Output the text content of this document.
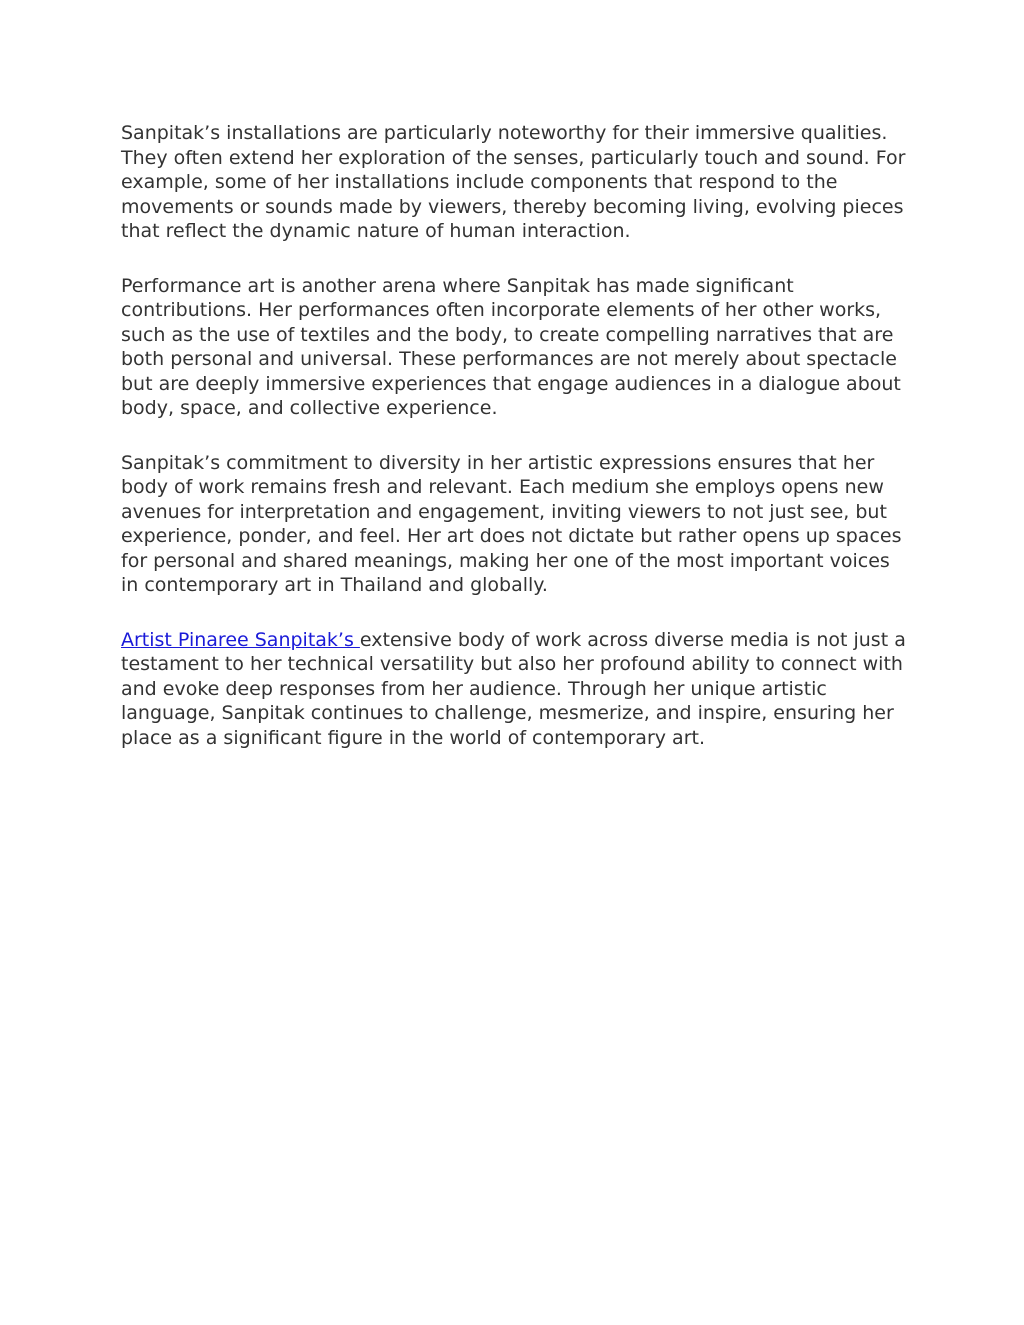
Sanpitak’s installations are particularly noteworthy for their immersive qualities. They often extend her exploration of the senses, particularly touch and sound. For example, some of her installations include components that respond to the movements or sounds made by viewers, thereby becoming living, evolving pieces that reflect the dynamic nature of human interaction.

Performance art is another arena where Sanpitak has made significant contributions. Her performances often incorporate elements of her other works, such as the use of textiles and the body, to create compelling narratives that are both personal and universal. These performances are not merely about spectacle but are deeply immersive experiences that engage audiences in a dialogue about body, space, and collective experience.

Sanpitak’s commitment to diversity in her artistic expressions ensures that her body of work remains fresh and relevant. Each medium she employs opens new avenues for interpretation and engagement, inviting viewers to not just see, but experience, ponder, and feel. Her art does not dictate but rather opens up spaces for personal and shared meanings, making her one of the most important voices in contemporary art in Thailand and globally.

Artist Pinaree Sanpitak’s extensive body of work across diverse media is not just a testament to her technical versatility but also her profound ability to connect with and evoke deep responses from her audience. Through her unique artistic language, Sanpitak continues to challenge, mesmerize, and inspire, ensuring her place as a significant figure in the world of contemporary art.
